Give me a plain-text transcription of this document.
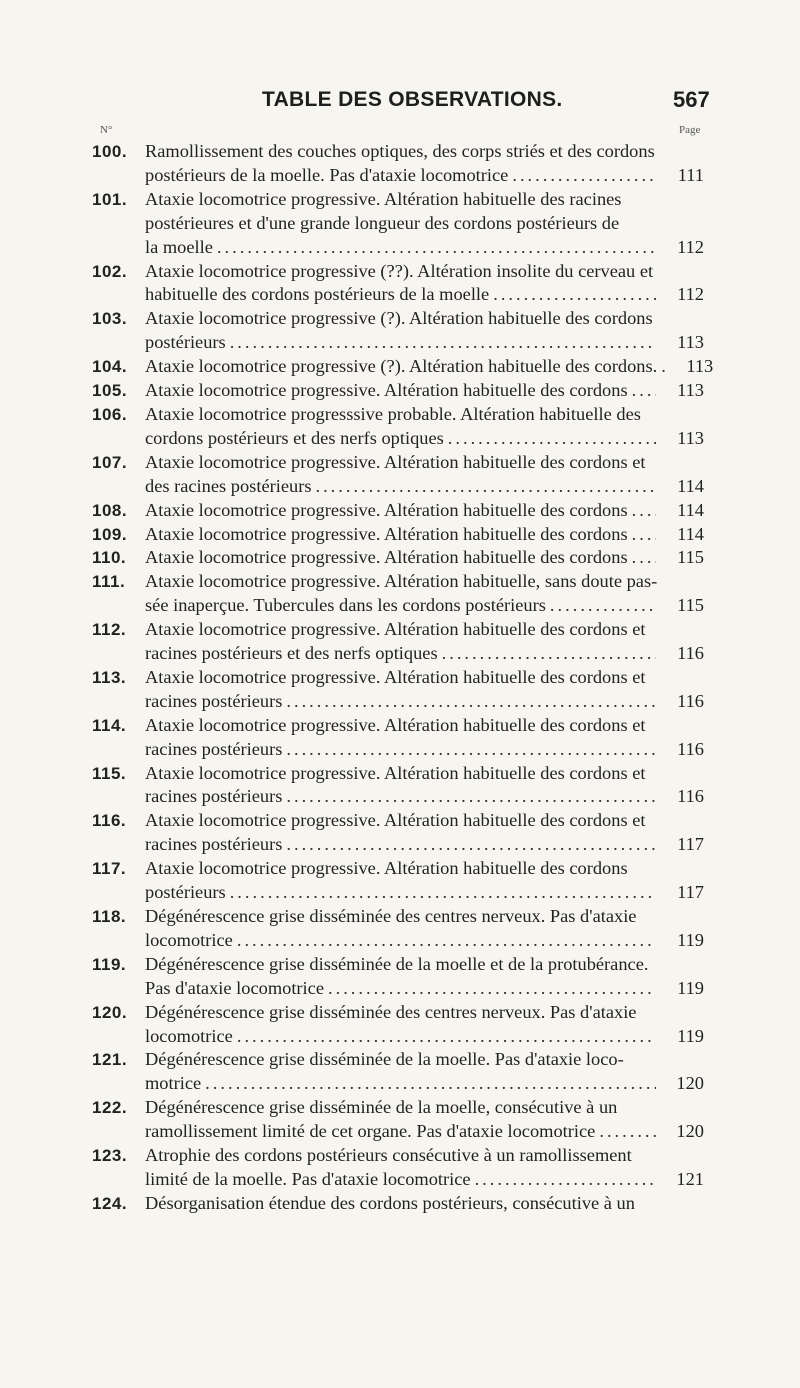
TABLE DES OBSERVATIONS.	567
N°	Page
100. Ramollissement des couches optiques, des corps striés et des cordons
postérieurs de la moelle. Pas d'ataxie locomotrice .....	111
101. Ataxie locomotrice progressive. Altération habituelle des racines
postérieures et d'une grande longueur des cordons postérieurs de
la moelle .....	112
102. Ataxie locomotrice progressive (??). Altération insolite du cerveau et
habituelle des cordons postérieurs de la moelle .....	112
103. Ataxie locomotrice progressive (?). Altération habituelle des cordons
postérieurs .....	113
104. Ataxie locomotrice progressive (?). Altération habituelle des cordons. .....	113
105. Ataxie locomotrice progressive. Altération habituelle des cordons .....	113
106. Ataxie locomotrice progresssive probable. Altération habituelle des
cordons postérieurs et des nerfs optiques .....	113
107. Ataxie locomotrice progressive. Altération habituelle des cordons et
des racines postérieurs .....	114
108. Ataxie locomotrice progressive. Altération habituelle des cordons .....	114
109. Ataxie locomotrice progressive. Altération habituelle des cordons .....	114
110.	Ataxie locomotrice progressive. Altération habituelle des cordons .....	115
111.	Ataxie locomotrice progressive. Altération habituelle, sans doute pas-
sée inaperçue. Tubercules dans les cordons postérieurs .....	115
112.	Ataxie locomotrice progressive. Altération habituelle des cordons et
racines postérieurs et des nerfs optiques .....	116
113.	Ataxie locomotrice progressive. Altération habituelle des cordons et
racines postérieurs .....	116
114.	Ataxie locomotrice progressive. Altération habituelle des cordons et
racines postérieurs .....	116
115.	Ataxie locomotrice progressive. Altération habituelle des cordons et
racines postérieurs .....	116
116.	Ataxie locomotrice progressive. Altération habituelle des cordons et
racines postérieurs .....	117
117.	Ataxie locomotrice progressive. Altération habituelle des cordons
postérieurs .....	117
118.	Dégénérescence grise disséminée des centres nerveux. Pas d'ataxie
locomotrice .....	119
119.	Dégénérescence grise disséminée de la moelle et de la protubérance.
Pas d'ataxie locomotrice .....	119
120. Dégénérescence grise disséminée des centres nerveux. Pas d'ataxie
locomotrice .....	119
121. Dégénérescence grise disséminée de la moelle. Pas d'ataxie loco-
motrice .....	120
122. Dégénérescence grise disséminée de la moelle, consécutive à un
ramollissement limité de cet organe. Pas d'ataxie locomotrice .....	120
123. Atrophie des cordons postérieurs consécutive à un ramollissement
limité de la moelle. Pas d'ataxie locomotrice .....	121
124. Désorganisation étendue des cordons postérieurs, consécutive à un
